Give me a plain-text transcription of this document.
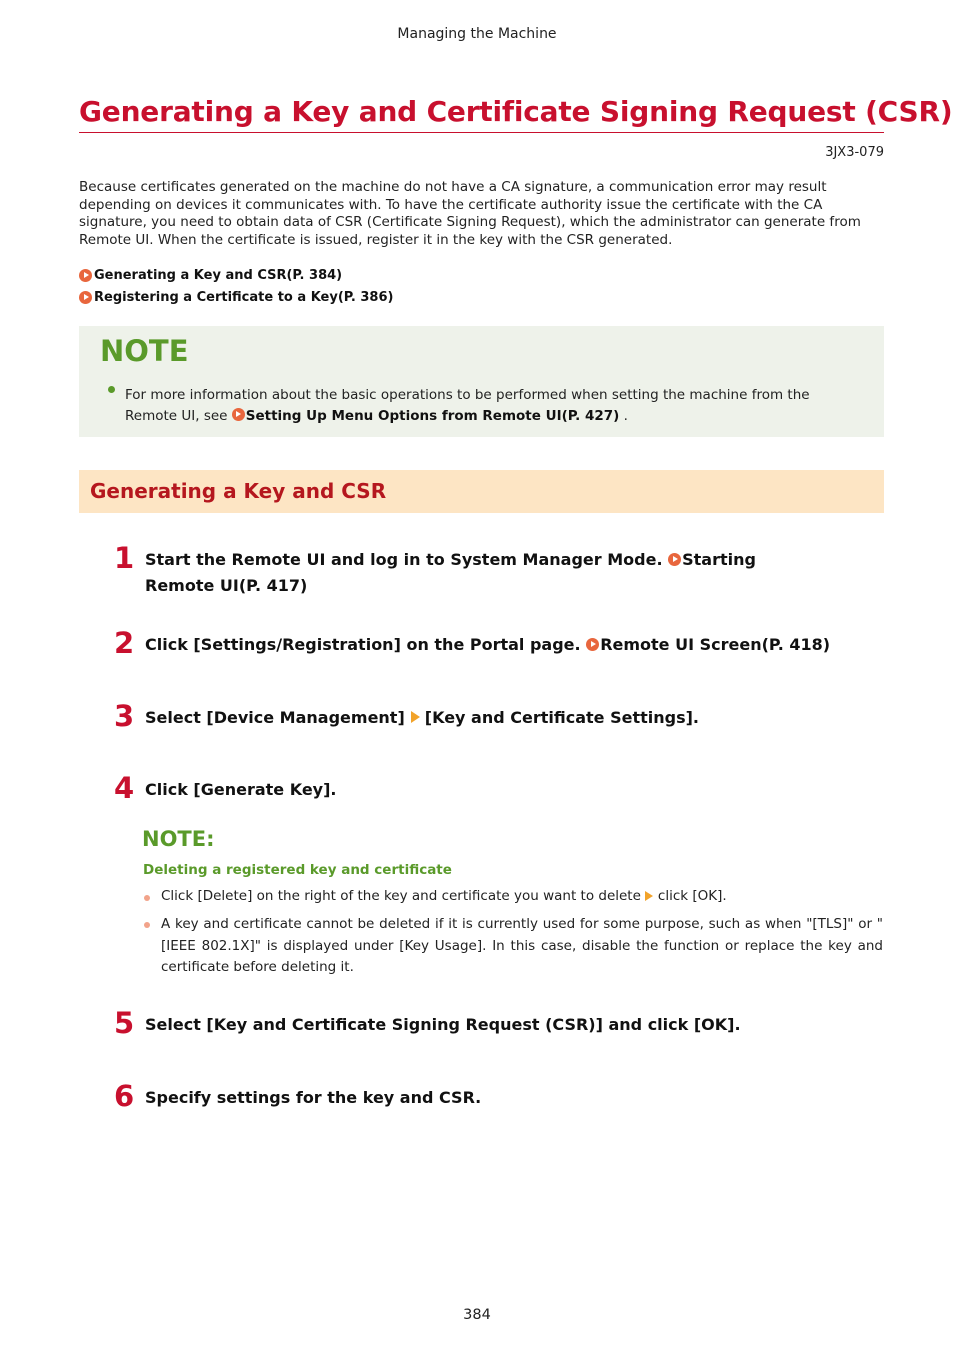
Managing the Machine
Generating a Key and Certificate Signing Request (CSR)
3JX3-079

Because certificates generated on the machine do not have a CA signature, a communication error may result depending on devices it communicates with. To have the certificate authority issue the certificate with the CA signature, you need to obtain data of CSR (Certificate Signing Request), which the administrator can generate from Remote UI. When the certificate is issued, register it in the key with the CSR generated.

Generating a Key and CSR(P. 384)
Registering a Certificate to a Key(P. 386)
NOTE

For more information about the basic operations to be performed when setting the machine from the Remote UI, see Setting Up Menu Options from Remote UI(P. 427) .

Generating a Key and CSR
1 Start the Remote UI and log in to System Manager Mode. Starting Remote UI(P. 417)

2 Click [Settings/Registration] on the Portal page. Remote UI Screen(P. 418)

3 Select [Device Management] [Key and Certificate Settings].

4 Click [Generate Key].

NOTE:
Deleting a registered key and certificate

Click [Delete] on the right of the key and certificate you want to delete click [OK].

A key and certificate cannot be deleted if it is currently used for some purpose, such as when "[TLS]" or "[IEEE 802.1X]" is displayed under [Key Usage]. In this case, disable the function or replace the key and certificate before deleting it.

5 Select [Key and Certificate Signing Request (CSR)] and click [OK].

6 Specify settings for the key and CSR.

384
